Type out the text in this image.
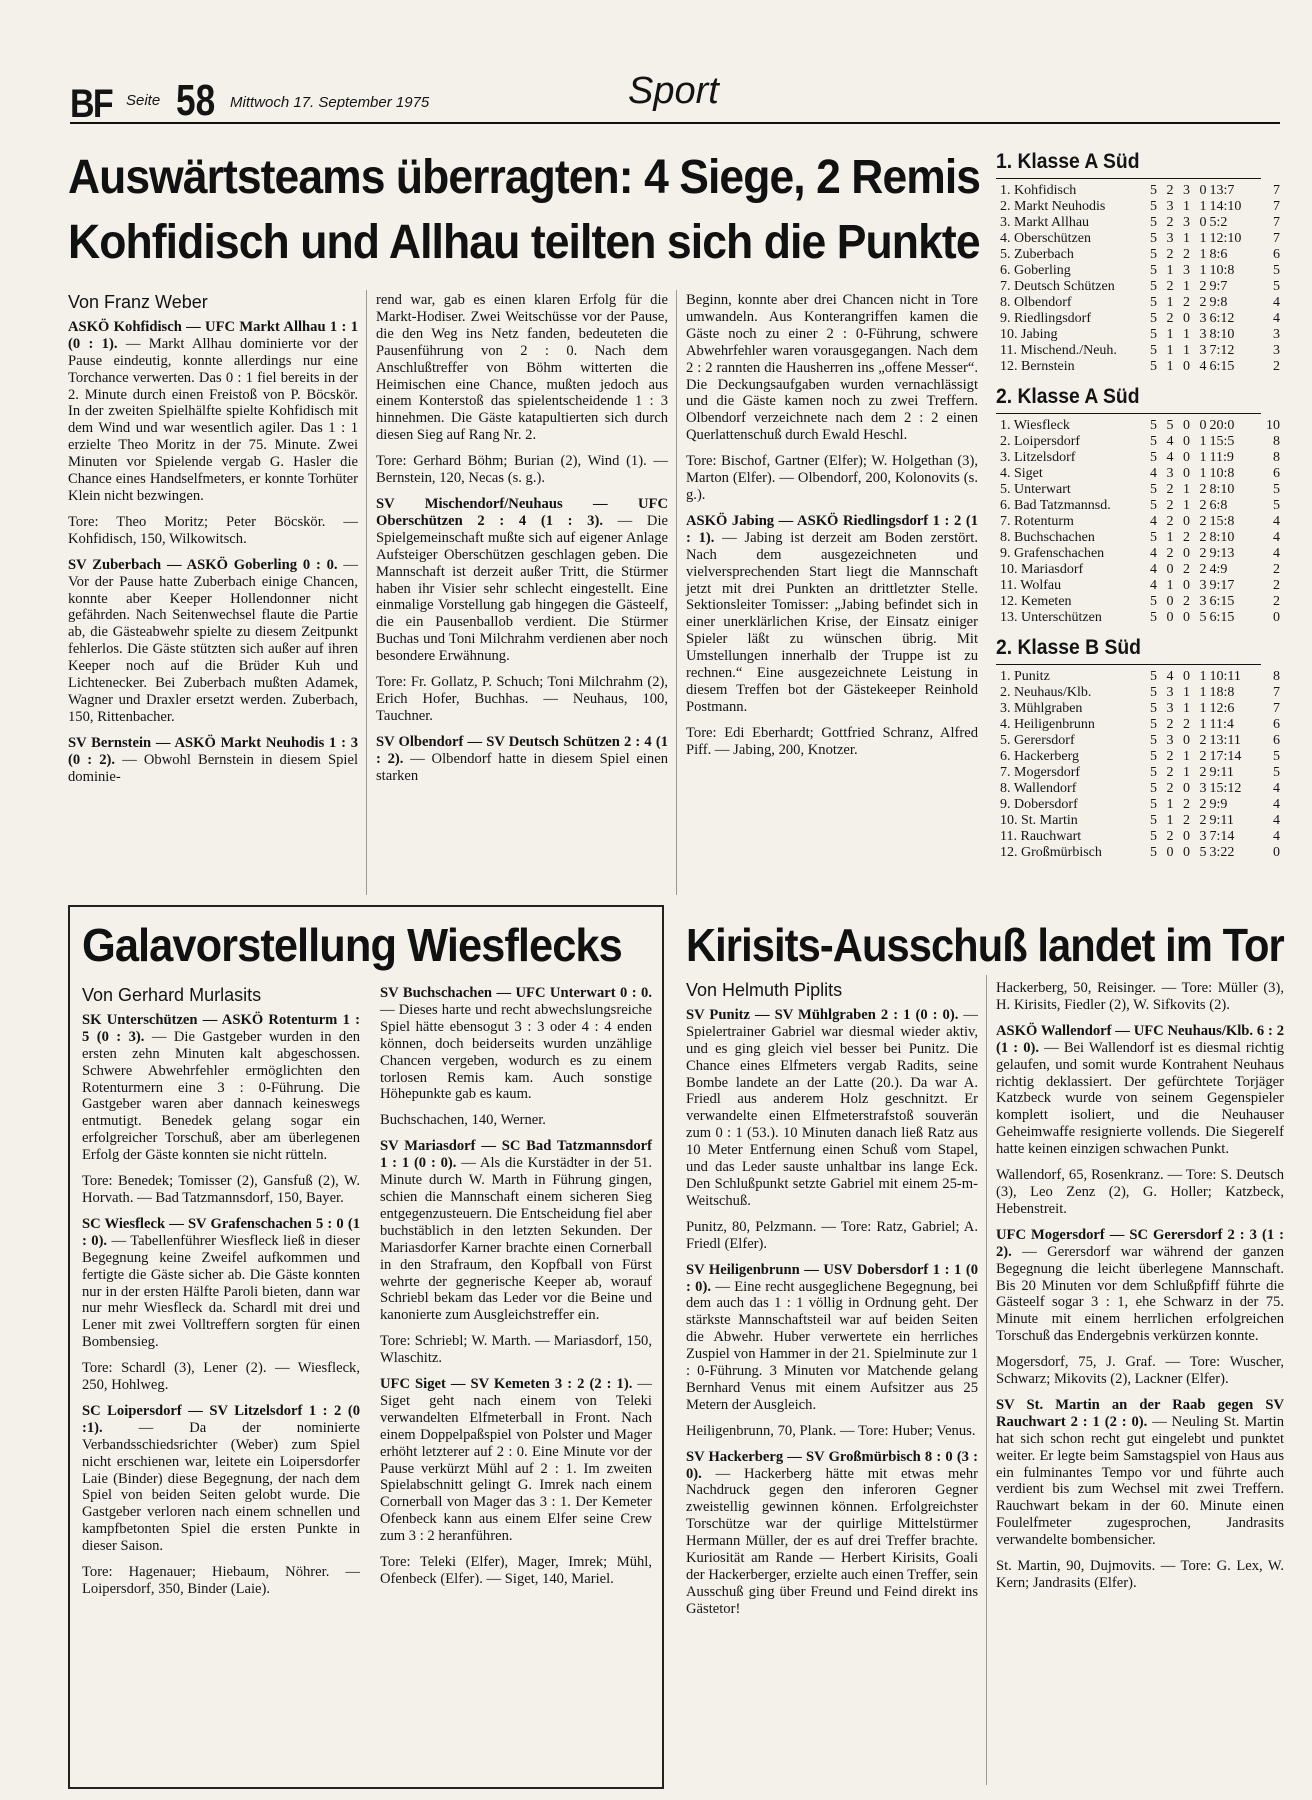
BF Seite 58 Mittwoch 17. September 1975	Sport
Auswärtsteams überragten: 4 Siege, 2 Remis
Kohfidisch und Allhau teilten sich die Punkte
Von Franz Weber

ASKÖ Kohfidisch — UFC Markt Allhau 1 : 1 (0 : 1). — Markt Allhau dominierte vor der Pause eindeutig, konnte allerdings nur eine Torchance verwerten. Das 0 : 1 fiel bereits in der 2. Minute durch einen Freistoß von P. Böcskör. In der zweiten Spielhälfte spielte Kohfidisch mit dem Wind und war wesentlich agiler. Das 1 : 1 erzielte Theo Moritz in der 75. Minute. Zwei Minuten vor Spielende vergab G. Hasler die Chance eines Handselfmeters, er konnte Torhüter Klein nicht bezwingen.

Tore: Theo Moritz; Peter Böcskör. — Kohfidisch, 150, Wilkowitsch.

SV Zuberbach — ASKÖ Goberling 0 : 0. — Vor der Pause hatte Zuberbach einige Chancen, konnte aber Keeper Hollendonner nicht gefährden. Nach Seitenwechsel flaute die Partie ab, die Gästeabwehr spielte zu diesem Zeitpunkt fehlerlos. Die Gäste stützten sich außer auf ihren Keeper noch auf die Brüder Kuh und Lichtenecker. Bei Zuberbach mußten Adamek, Wagner und Draxler ersetzt werden. Zuberbach, 150, Rittenbacher.

SV Bernstein — ASKÖ Markt Neuhodis 1 : 3 (0 : 2). — Obwohl Bernstein in diesem Spiel dominie-

rend war, gab es einen klaren Erfolg für die Markt-Hodiser. Zwei Weitschüsse vor der Pause, die den Weg ins Netz fanden, bedeuteten die Pausenführung von 2 : 0. Nach dem Anschlußtreffer von Böhm witterten die Heimischen eine Chance, mußten jedoch aus einem Konterstoß das spielentscheidende 1 : 3 hinnehmen. Die Gäste katapultierten sich durch diesen Sieg auf Rang Nr. 2.

Tore: Gerhard Böhm; Burian (2), Wind (1). — Bernstein, 120, Necas (s. g.).

SV Mischendorf/Neuhaus — UFC Oberschützen 2 : 4 (1 : 3). — Die Spielgemeinschaft mußte sich auf eigener Anlage Aufsteiger Oberschützen geschlagen geben. Die Mannschaft ist derzeit außer Tritt, die Stürmer haben ihr Visier sehr schlecht eingestellt. Eine einmalige Vorstellung gab hingegen die Gästeelf, die ein Pausenballob verdient. Die Stürmer Buchas und Toni Milchrahm verdienen aber noch besondere Erwähnung.

Tore: Fr. Gollatz, P. Schuch; Toni Milchrahm (2), Erich Hofer, Buchhas. — Neuhaus, 100, Tauchner.

SV Olbendorf — SV Deutsch Schützen 2 : 4 (1 : 2). — Olbendorf hatte in diesem Spiel einen starken

Beginn, konnte aber drei Chancen nicht in Tore umwandeln. Aus Konterangriffen kamen die Gäste noch zu einer 2 : 0-Führung, schwere Abwehrfehler waren vorausgegangen. Nach dem 2 : 2 rannten die Hausherren ins „offene Messer“. Die Deckungsaufgaben wurden vernachlässigt und die Gäste kamen noch zu zwei Treffern. Olbendorf verzeichnete nach dem 2 : 2 einen Querlattenschuß durch Ewald Heschl.

Tore: Bischof, Gartner (Elfer); W. Holgethan (3), Marton (Elfer). — Olbendorf, 200, Kolonovits (s. g.).

ASKÖ Jabing — ASKÖ Riedlingsdorf 1 : 2 (1 : 1). — Jabing ist derzeit am Boden zerstört. Nach dem ausgezeichneten und vielversprechenden Start liegt die Mannschaft jetzt mit drei Punkten an drittletzter Stelle. Sektionsleiter Tomisser: „Jabing befindet sich in einer unerklärlichen Krise, der Einsatz einiger Spieler läßt zu wünschen übrig. Mit Umstellungen innerhalb der Truppe ist zu rechnen.“ Eine ausgezeichnete Leistung in diesem Treffen bot der Gästekeeper Reinhold Postmann.

Tore: Edi Eberhardt; Gottfried Schranz, Alfred Piff. — Jabing, 200, Knotzer.

1. Klasse A Süd
1. Kohfidisch	5 2 3 0	13:7	7
2. Markt Neuhodis	5 3 1 1	14:10	7
3. Markt Allhau	5 2 3 0	5:2	7
4. Oberschützen	5 3 1 1	12:10	7
5. Zuberbach	5 2 2 1	8:6	6
6. Goberling	5 1 3 1	10:8	5
7. Deutsch Schützen	5 2 1 2	9:7	5
8. Olbendorf	5 1 2 2	9:8	4
9. Riedlingsdorf	5 2 0 3	6:12	4
10. Jabing	5 1 1 3	8:10	3
11. Mischend./Neuh.	5 1 1 3	7:12	3
12. Bernstein	5 1 0 4	6:15	2
2. Klasse A Süd
1. Wiesfleck	5 5 0 0	20:0	10
2. Loipersdorf	5 4 0 1	15:5	8
3. Litzelsdorf	5 4 0 1	11:9	8
4. Siget	4 3 0 1	10:8	6
5. Unterwart	5 2 1 2	8:10	5
6. Bad Tatzmannsd.	5 2 1 2	6:8	5
7. Rotenturm	4 2 0 2	15:8	4
8. Buchschachen	5 1 2 2	8:10	4
9. Grafenschachen	4 2 0 2	9:13	4
10. Mariasdorf	4 0 2 2	4:9	2
11. Wolfau	4 1 0 3	9:17	2
12. Kemeten	5 0 2 3	6:15	2
13. Unterschützen	5 0 0 5	6:15	0
2. Klasse B Süd
1. Punitz	5 4 0 1	10:11	8
2. Neuhaus/Klb.	5 3 1 1	18:8	7
3. Mühlgraben	5 3 1 1	12:6	7
4. Heiligenbrunn	5 2 2 1	11:4	6
5. Gerersdorf	5 3 0 2	13:11	6
6. Hackerberg	5 2 1 2	17:14	5
7. Mogersdorf	5 2 1 2	9:11	5
8. Wallendorf	5 2 0 3	15:12	4
9. Dobersdorf	5 1 2 2	9:9	4
10. St. Martin	5 1 2 2	9:11	4
11. Rauchwart	5 2 0 3	7:14	4
12. Großmürbisch	5 0 0 5	3:22	0
Galavorstellung Wiesflecks
Von Gerhard Murlasits

SK Unterschützen — ASKÖ Rotenturm 1 : 5 (0 : 3). — Die Gastgeber wurden in den ersten zehn Minuten kalt abgeschossen. Schwere Abwehrfehler ermöglichten den Rotenturmern eine 3 : 0-Führung. Die Gastgeber waren aber dannach keineswegs entmutigt. Benedek gelang sogar ein erfolgreicher Torschuß, aber am überlegenen Erfolg der Gäste konnten sie nicht rütteln.

Tore: Benedek; Tomisser (2), Gansfuß (2), W. Horvath. — Bad Tatzmannsdorf, 150, Bayer.

SC Wiesfleck — SV Grafenschachen 5 : 0 (1 : 0). — Tabellenführer Wiesfleck ließ in dieser Begegnung keine Zweifel aufkommen und fertigte die Gäste sicher ab. Die Gäste konnten nur in der ersten Hälfte Paroli bieten, dann war nur mehr Wiesfleck da. Schardl mit drei und Lener mit zwei Volltreffern sorgten für einen Bombensieg.

Tore: Schardl (3), Lener (2). — Wiesfleck, 250, Hohlweg.

SC Loipersdorf — SV Litzelsdorf 1 : 2 (0 :1). — Da der nominierte Verbandsschiedsrichter (Weber) zum Spiel nicht erschienen war, leitete ein Loipersdorfer Laie (Binder) diese Begegnung, der nach dem Spiel von beiden Seiten gelobt wurde. Die Gastgeber verloren nach einem schnellen und kampfbetonten Spiel die ersten Punkte in dieser Saison.

Tore: Hagenauer; Hiebaum, Nöhrer. — Loipersdorf, 350, Binder (Laie).

SV Buchschachen — UFC Unterwart 0 : 0. — Dieses harte und recht abwechslungsreiche Spiel hätte ebensogut 3 : 3 oder 4 : 4 enden können, doch beiderseits wurden unzählige Chancen vergeben, wodurch es zu einem torlosen Remis kam. Auch sonstige Höhepunkte gab es kaum.

Buchschachen, 140, Werner.

SV Mariasdorf — SC Bad Tatzmannsdorf 1 : 1 (0 : 0). — Als die Kurstädter in der 51. Minute durch W. Marth in Führung gingen, schien die Mannschaft einem sicheren Sieg entgegenzusteuern. Die Entscheidung fiel aber buchstäblich in den letzten Sekunden. Der Mariasdorfer Karner brachte einen Cornerball in den Strafraum, den Kopfball von Fürst wehrte der gegnerische Keeper ab, worauf Schriebl bekam das Leder vor die Beine und kanonierte zum Ausgleichstreffer ein.

Tore: Schriebl; W. Marth. — Mariasdorf, 150, Wlaschitz.

UFC Siget — SV Kemeten 3 : 2 (2 : 1). — Siget geht nach einem von Teleki verwandelten Elfmeterball in Front. Nach einem Doppelpaßspiel von Polster und Mager erhöht letzterer auf 2 : 0. Eine Minute vor der Pause verkürzt Mühl auf 2 : 1. Im zweiten Spielabschnitt gelingt G. Imrek nach einem Cornerball von Mager das 3 : 1. Der Kemeter Ofenbeck kann aus einem Elfer seine Crew zum 3 : 2 heranführen.

Tore: Teleki (Elfer), Mager, Imrek; Mühl, Ofenbeck (Elfer). — Siget, 140, Mariel.

Kirisits-Ausschuß landet im Tor
Von Helmuth Piplits

SV Punitz — SV Mühlgraben 2 : 1 (0 : 0). — Spielertrainer Gabriel war diesmal wieder aktiv, und es ging gleich viel besser bei Punitz. Die Chance eines Elfmeters vergab Radits, seine Bombe landete an der Latte (20.). Da war A. Friedl aus anderem Holz geschnitzt. Er verwandelte einen Elfmeterstrafstoß souverän zum 0 : 1 (53.). 10 Minuten danach ließ Ratz aus 10 Meter Entfernung einen Schuß vom Stapel, und das Leder sauste unhaltbar ins lange Eck. Den Schlußpunkt setzte Gabriel mit einem 25-m-Weitschuß.

Punitz, 80, Pelzmann. — Tore: Ratz, Gabriel; A. Friedl (Elfer).

SV Heiligenbrunn — USV Dobersdorf 1 : 1 (0 : 0). — Eine recht ausgeglichene Begegnung, bei dem auch das 1 : 1 völlig in Ordnung geht. Der stärkste Mannschaftsteil war auf beiden Seiten die Abwehr. Huber verwertete ein herrliches Zuspiel von Hammer in der 21. Spielminute zur 1 : 0-Führung. 3 Minuten vor Matchende gelang Bernhard Venus mit einem Aufsitzer aus 25 Metern der Ausgleich.

Heiligenbrunn, 70, Plank. — Tore: Huber; Venus.

SV Hackerberg — SV Großmürbisch 8 : 0 (3 : 0). — Hackerberg hätte mit etwas mehr Nachdruck gegen den inferoren Gegner zweistellig gewinnen können. Erfolgreichster Torschütze war der quirlige Mittelstürmer Hermann Müller, der es auf drei Treffer brachte. Kuriosität am Rande — Herbert Kirisits, Goali der Hackerberger, erzielte auch einen Treffer, sein Ausschuß ging über Freund und Feind direkt ins Gästetor!

Hackerberg, 50, Reisinger. — Tore: Müller (3), H. Kirisits, Fiedler (2), W. Sifkovits (2).

ASKÖ Wallendorf — UFC Neuhaus/Klb. 6 : 2 (1 : 0). — Bei Wallendorf ist es diesmal richtig gelaufen, und somit wurde Kontrahent Neuhaus richtig deklassiert. Der gefürchtete Torjäger Katzbeck wurde von seinem Gegenspieler komplett isoliert, und die Neuhauser Geheimwaffe resignierte vollends. Die Siegerelf hatte keinen einzigen schwachen Punkt.

Wallendorf, 65, Rosenkranz. — Tore: S. Deutsch (3), Leo Zenz (2), G. Holler; Katzbeck, Hebenstreit.

UFC Mogersdorf — SC Gerersdorf 2 : 3 (1 : 2). — Gerersdorf war während der ganzen Begegnung die leicht überlegene Mannschaft. Bis 20 Minuten vor dem Schlußpfiff führte die Gästeelf sogar 3 : 1, ehe Schwarz in der 75. Minute mit einem herrlichen erfolgreichen Torschuß das Endergebnis verkürzen konnte.

Mogersdorf, 75, J. Graf. — Tore: Wuscher, Schwarz; Mikovits (2), Lackner (Elfer).

SV St. Martin an der Raab gegen SV Rauchwart 2 : 1 (2 : 0). — Neuling St. Martin hat sich schon recht gut eingelebt und punktet weiter. Er legte beim Samstagspiel von Haus aus ein fulminantes Tempo vor und führte auch verdient bis zum Wechsel mit zwei Treffern. Rauchwart bekam in der 60. Minute einen Foulelfmeter zugesprochen, Jandrasits verwandelte bombensicher.

St. Martin, 90, Dujmovits. — Tore: G. Lex, W. Kern; Jandrasits (Elfer).
